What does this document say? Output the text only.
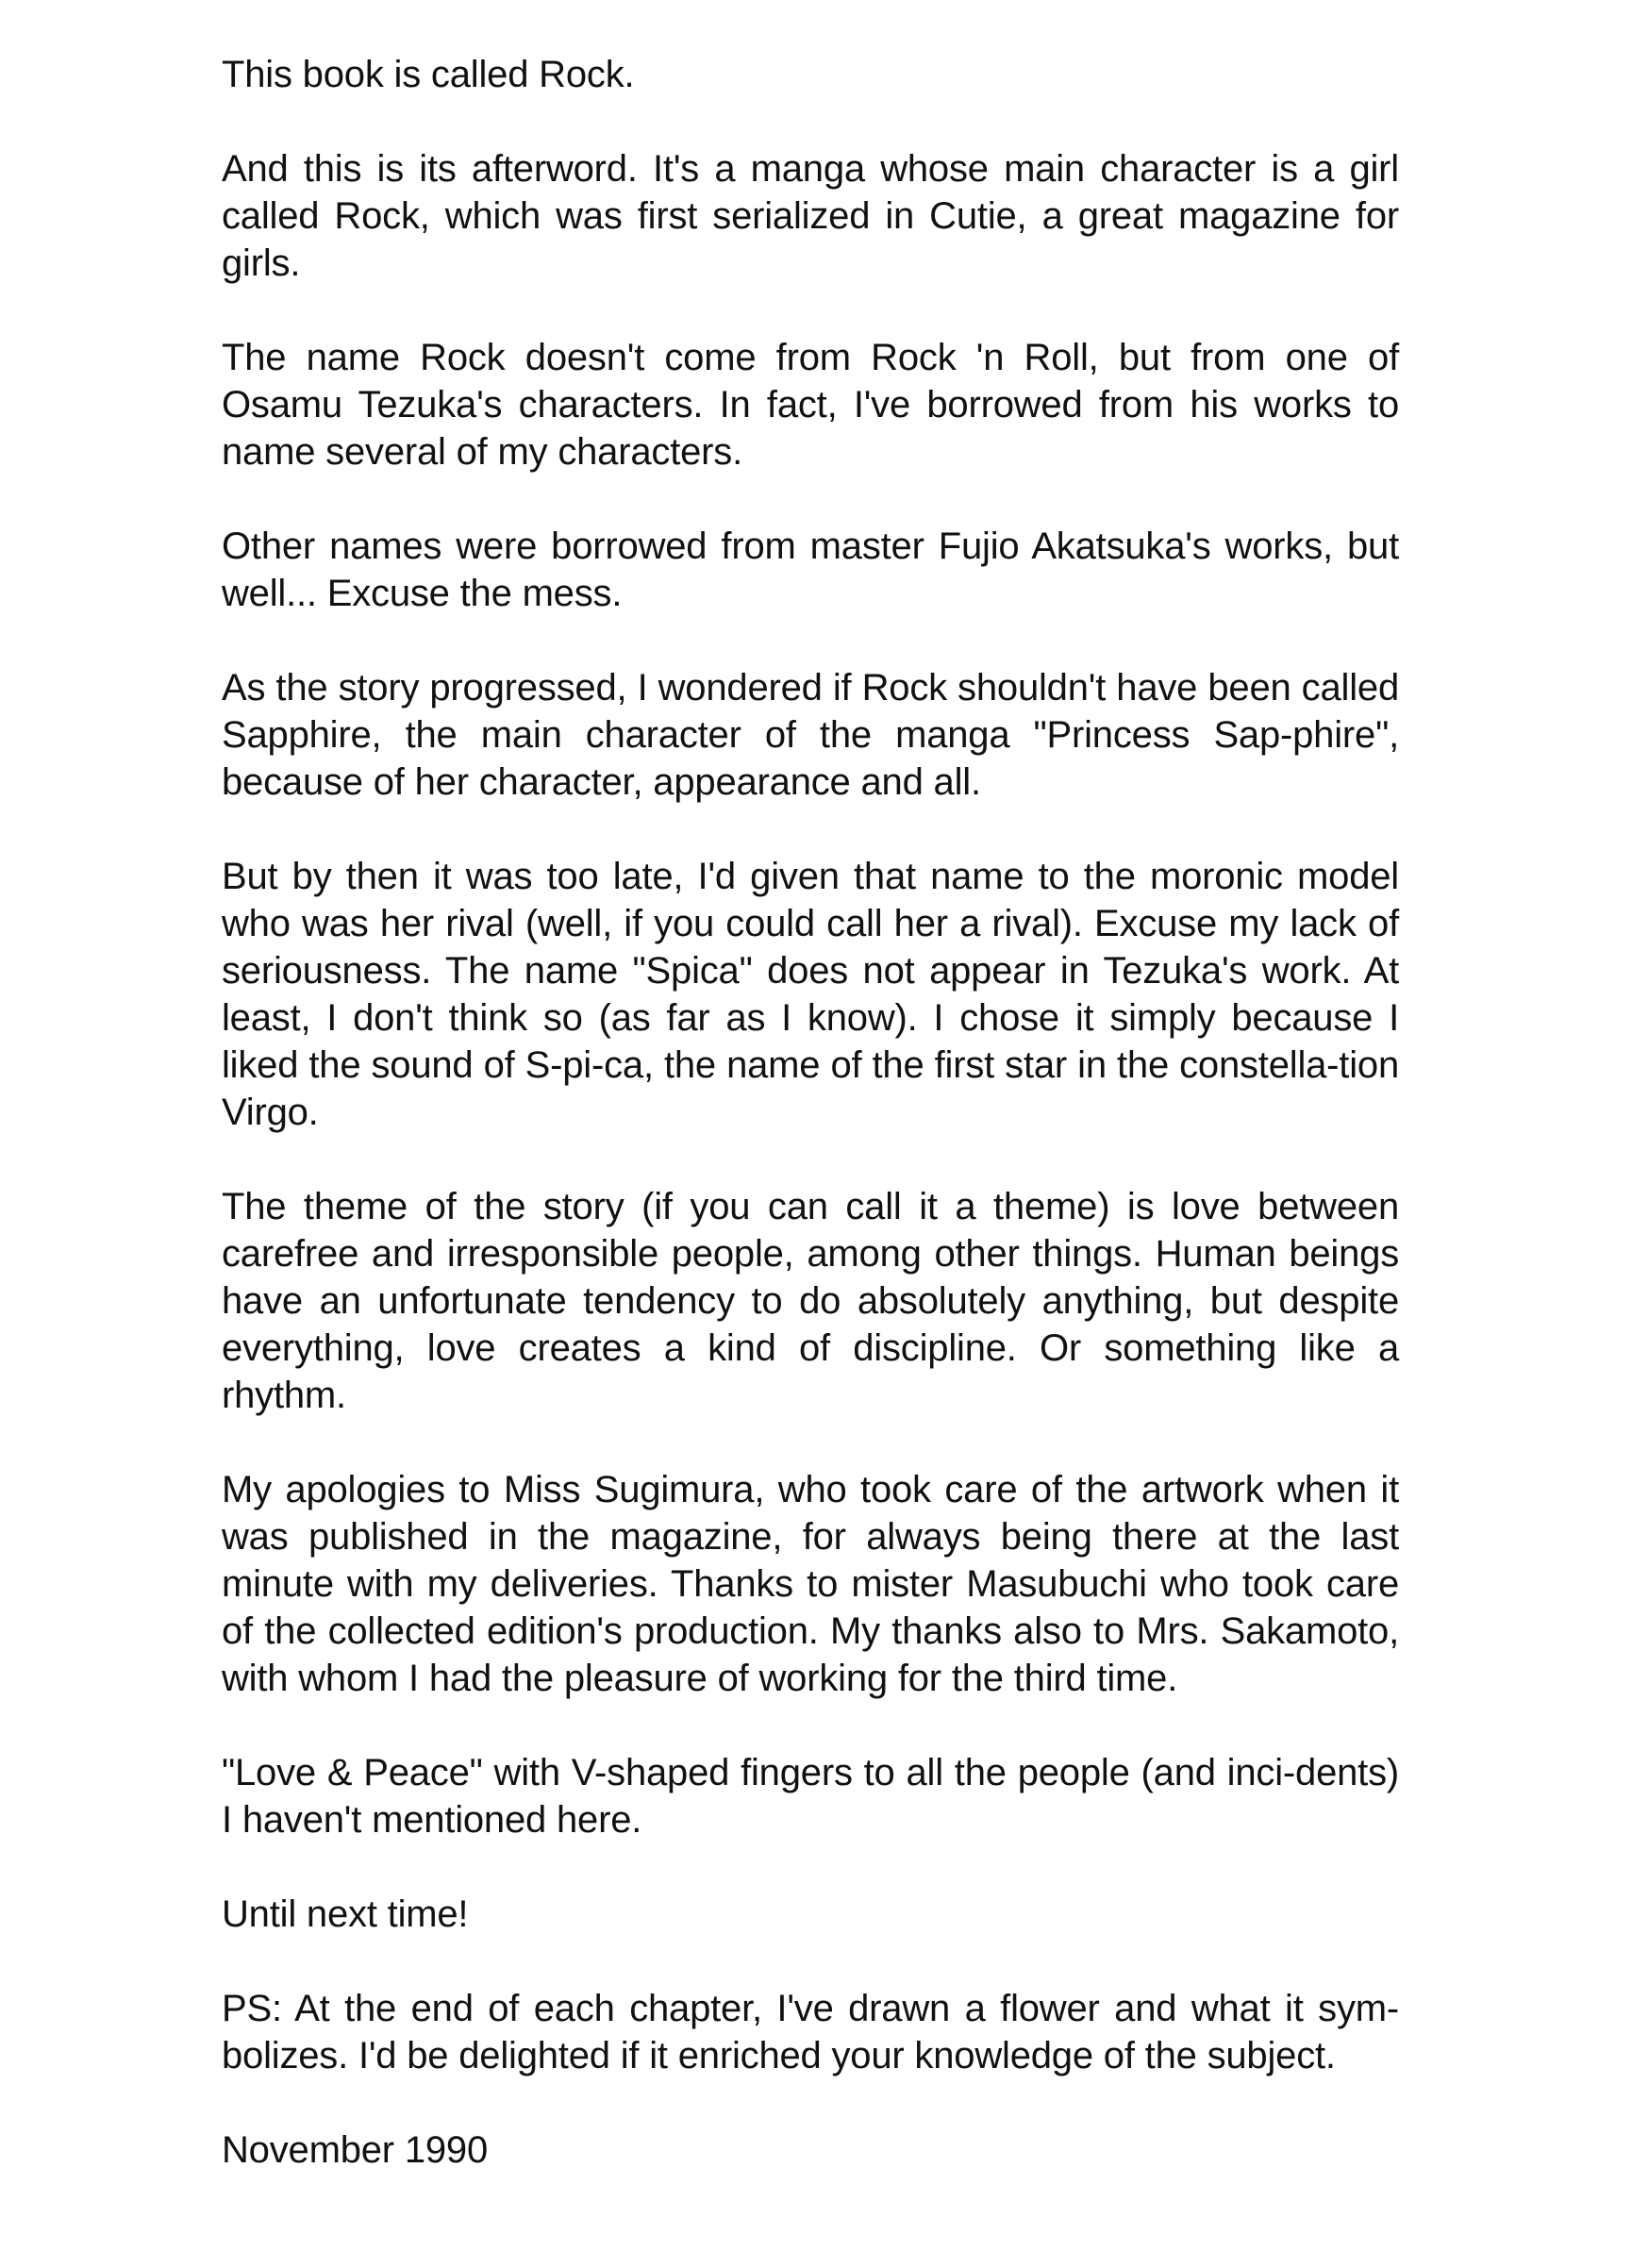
This book is called Rock.

And this is its afterword. It's a manga whose main character is a girl called Rock, which was first serialized in Cutie, a great magazine for girls.

The name Rock doesn't come from Rock 'n Roll, but from one of Osamu Tezuka's characters. In fact, I've borrowed from his works to name several of my characters.

Other names were borrowed from master Fujio Akatsuka's works, but well... Excuse the mess.

As the story progressed, I wondered if Rock shouldn't have been called Sapphire, the main character of the manga "Princess Sap-phire", because of her character, appearance and all.

But by then it was too late, I'd given that name to the moronic model who was her rival (well, if you could call her a rival). Excuse my lack of seriousness. The name "Spica" does not appear in Tezuka's work. At least, I don't think so (as far as I know). I chose it simply because I liked the sound of S-pi-ca, the name of the first star in the constella-tion Virgo.

The theme of the story (if you can call it a theme) is love between carefree and irresponsible people, among other things. Human beings have an unfortunate tendency to do absolutely anything, but despite everything, love creates a kind of discipline. Or something like a rhythm.

My apologies to Miss Sugimura, who took care of the artwork when it was published in the magazine, for always being there at the last minute with my deliveries. Thanks to mister Masubuchi who took care of the collected edition's production. My thanks also to Mrs. Sakamoto, with whom I had the pleasure of working for the third time.

"Love & Peace" with V-shaped fingers to all the people (and inci-dents) I haven't mentioned here.

Until next time!

PS: At the end of each chapter, I've drawn a flower and what it sym-bolizes. I'd be delighted if it enriched your knowledge of the subject.

November 1990
